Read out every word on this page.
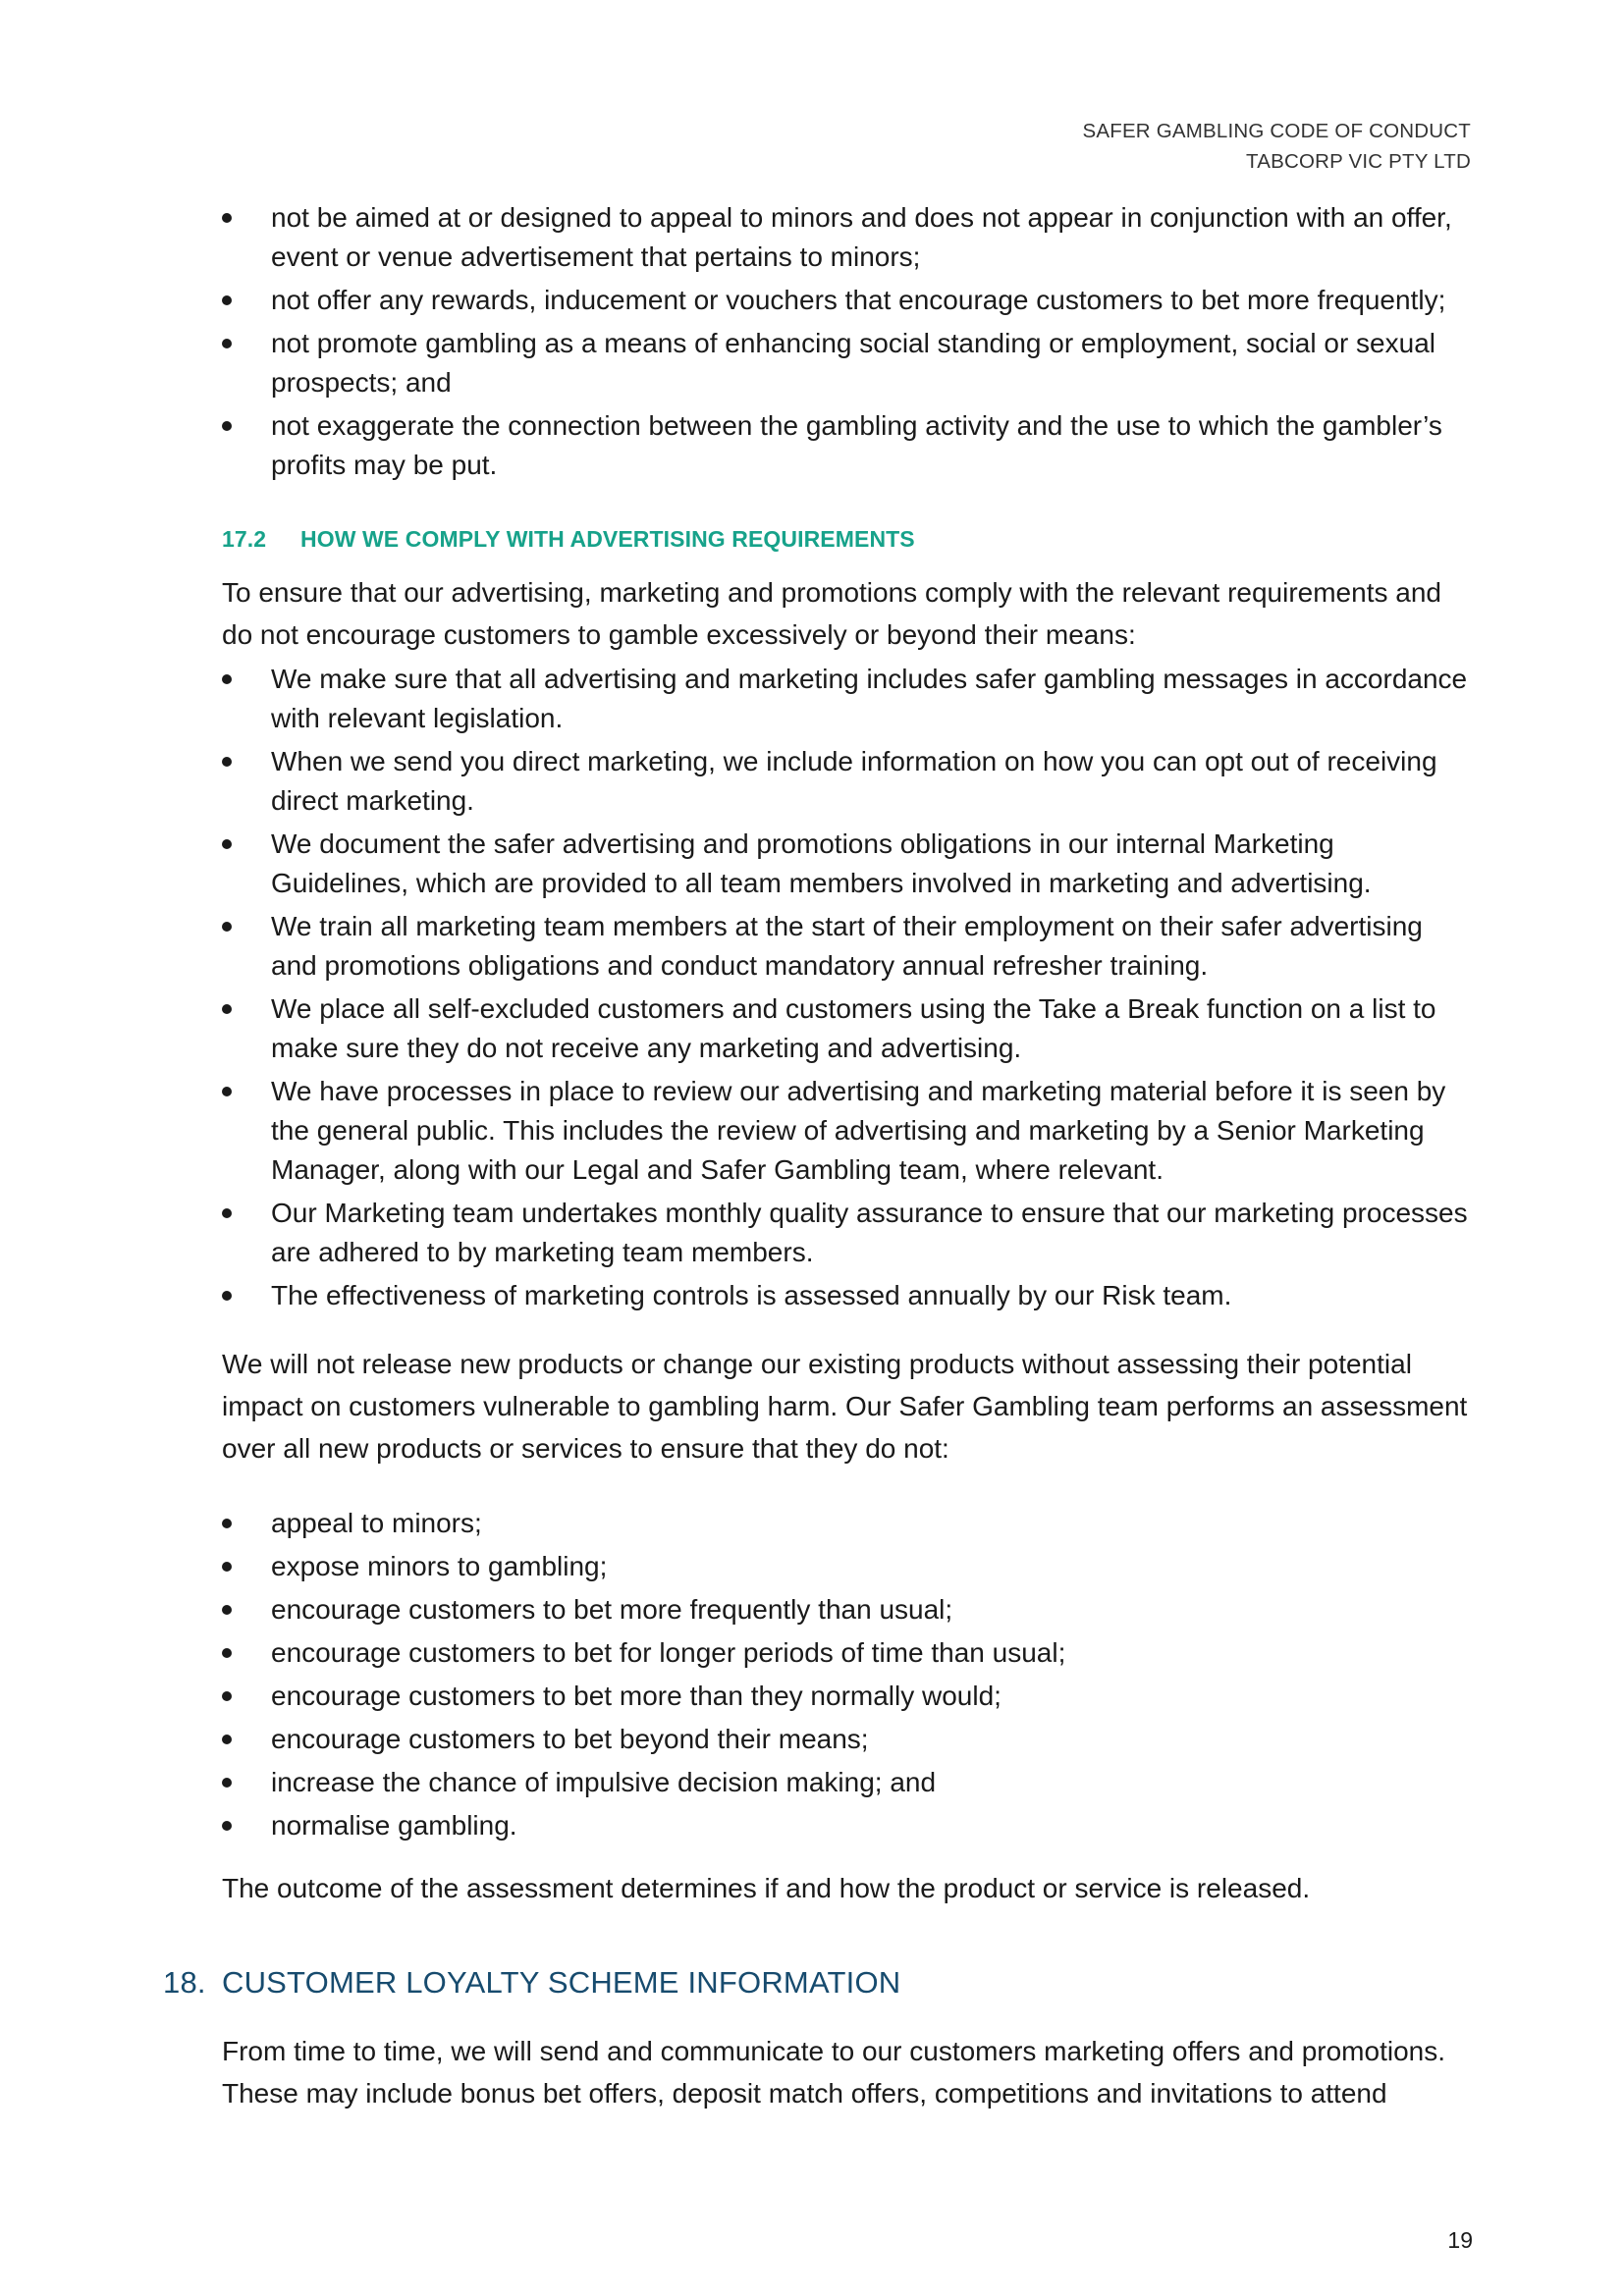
SAFER GAMBLING CODE OF CONDUCT
TABCORP VIC PTY LTD
not be aimed at or designed to appeal to minors and does not appear in conjunction with an offer, event or venue advertisement that pertains to minors;
not offer any rewards, inducement or vouchers that encourage customers to bet more frequently;
not promote gambling as a means of enhancing social standing or employment, social or sexual prospects; and
not exaggerate the connection between the gambling activity and the use to which the gambler’s profits may be put.
17.2 HOW WE COMPLY WITH ADVERTISING REQUIREMENTS

To ensure that our advertising, marketing and promotions comply with the relevant requirements and do not encourage customers to gamble excessively or beyond their means:

We make sure that all advertising and marketing includes safer gambling messages in accordance with relevant legislation.
When we send you direct marketing, we include information on how you can opt out of receiving direct marketing.
We document the safer advertising and promotions obligations in our internal Marketing Guidelines, which are provided to all team members involved in marketing and advertising.
We train all marketing team members at the start of their employment on their safer advertising and promotions obligations and conduct mandatory annual refresher training.
We place all self-excluded customers and customers using the Take a Break function on a list to make sure they do not receive any marketing and advertising.
We have processes in place to review our advertising and marketing material before it is seen by the general public. This includes the review of advertising and marketing by a Senior Marketing Manager, along with our Legal and Safer Gambling team, where relevant.
Our Marketing team undertakes monthly quality assurance to ensure that our marketing processes are adhered to by marketing team members.
The effectiveness of marketing controls is assessed annually by our Risk team.

We will not release new products or change our existing products without assessing their potential impact on customers vulnerable to gambling harm. Our Safer Gambling team performs an assessment over all new products or services to ensure that they do not:

appeal to minors;
expose minors to gambling;
encourage customers to bet more frequently than usual;
encourage customers to bet for longer periods of time than usual;
encourage customers to bet more than they normally would;
encourage customers to bet beyond their means;
increase the chance of impulsive decision making; and
normalise gambling.

The outcome of the assessment determines if and how the product or service is released.

18. CUSTOMER LOYALTY SCHEME INFORMATION

From time to time, we will send and communicate to our customers marketing offers and promotions. These may include bonus bet offers, deposit match offers, competitions and invitations to attend

19
